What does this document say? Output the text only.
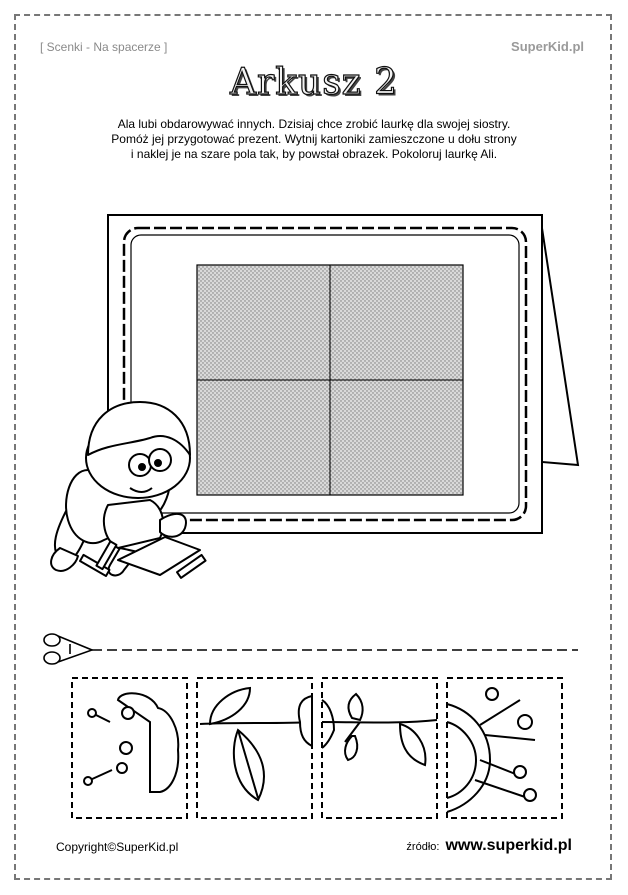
[ Scenki - Na spacerze ]	SuperKid.pl
Arkusz 2
Ala lubi obdarowywać innych. Dzisiaj chce zrobić laurkę dla swojej siostry.
Pomóż jej przygotować prezent. Wytnij kartoniki zamieszczone u dołu strony
i naklej je na szare pola tak, by powstał obrazek. Pokoloruj laurkę Ali.
Copyright©SuperKid.pl	źródło: www.superkid.pl
